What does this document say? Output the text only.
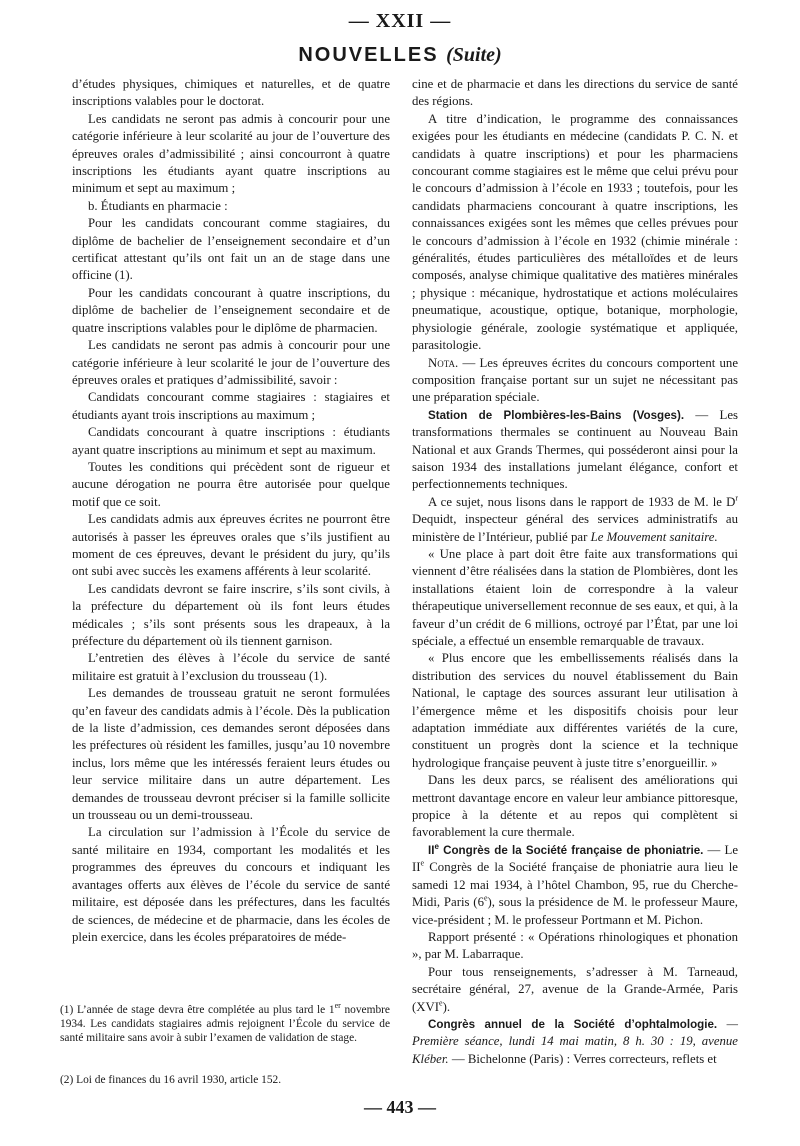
— XXII —
NOUVELLES (Suite)

d’études physiques, chimiques et naturelles, et de quatre inscriptions valables pour le doctorat.

Les candidats ne seront pas admis à concourir pour une catégorie inférieure à leur scolarité au jour de l’ouverture des épreuves orales d’admissibilité ; ainsi concourront à quatre inscriptions les étudiants ayant quatre inscriptions au minimum et sept au maximum ;

b. Étudiants en pharmacie :

Pour les candidats concourant comme stagiaires, du diplôme de bachelier de l’enseignement secondaire et d’un certificat attestant qu’ils ont fait un an de stage dans une officine (1).

Pour les candidats concourant à quatre inscriptions, du diplôme de bachelier de l’enseignement secondaire et de quatre inscriptions valables pour le diplôme de pharmacien.

Les candidats ne seront pas admis à concourir pour une catégorie inférieure à leur scolarité le jour de l’ouverture des épreuves orales et pratiques d’admissibilité, savoir :

Candidats concourant comme stagiaires : stagiaires et étudiants ayant trois inscriptions au maximum ;

Candidats concourant à quatre inscriptions : étudiants ayant quatre inscriptions au minimum et sept au maximum.

Toutes les conditions qui précèdent sont de rigueur et aucune dérogation ne pourra être autorisée pour quelque motif que ce soit.

Les candidats admis aux épreuves écrites ne pourront être autorisés à passer les épreuves orales que s’ils justifient au moment de ces épreuves, devant le président du jury, qu’ils ont subi avec succès les examens afférents à leur scolarité.

Les candidats devront se faire inscrire, s’ils sont civils, à la préfecture du département où ils font leurs études médicales ; s’ils sont présents sous les drapeaux, à la préfecture du département où ils tiennent garnison.

L’entretien des élèves à l’école du service de santé militaire est gratuit à l’exclusion du trousseau (1).

Les demandes de trousseau gratuit ne seront formulées qu’en faveur des candidats admis à l’école. Dès la publication de la liste d’admission, ces demandes seront déposées dans les préfectures où résident les familles, jusqu’au 10 novembre inclus, lors même que les intéressés feraient leurs études ou leur service militaire dans un autre département. Les demandes de trousseau devront préciser si la famille sollicite un trousseau ou un demi-trousseau.

La circulation sur l’admission à l’École du service de santé militaire en 1934, comportant les modalités et les programmes des épreuves du concours et indiquant les avantages offerts aux élèves de l’école du service de santé militaire, est déposée dans les préfectures, dans les facultés de sciences, de médecine et de pharmacie, dans les écoles de plein exercice, dans les écoles préparatoires de méde-

(1) L’année de stage devra être complétée au plus tard le 1er novembre 1934. Les candidats stagiaires admis rejoignent l’École du service de santé militaire sans avoir à subir l’examen de validation de stage.

(2) Loi de finances du 16 avril 1930, article 152.

cine et de pharmacie et dans les directions du service de santé des régions.

A titre d’indication, le programme des connaissances exigées pour les étudiants en médecine (candidats P. C. N. et candidats à quatre inscriptions) et pour les pharmaciens concourant comme stagiaires est le même que celui prévu pour le concours d’admission à l’école en 1933 ; toutefois, pour les candidats pharmaciens concourant à quatre inscriptions, les connaissances exigées sont les mêmes que celles prévues pour le concours d’admission à l’école en 1932 (chimie minérale : généralités, études particulières des métalloïdes et de leurs composés, analyse chimique qualitative des matières minérales ; physique : mécanique, hydrostatique et actions moléculaires pneumatique, acoustique, optique, botanique, morphologie, physiologie générale, zoologie systématique et appliquée, parasitologie.

Nota. — Les épreuves écrites du concours comportent une composition française portant sur un sujet ne nécessitant pas une préparation spéciale.

Station de Plombières-les-Bains (Vosges). — Les transformations thermales se continuent au Nouveau Bain National et aux Grands Thermes, qui posséderont ainsi pour la saison 1934 des installations jumelant élégance, confort et perfectionnements techniques.

A ce sujet, nous lisons dans le rapport de 1933 de M. le $D^r$ Dequidt, inspecteur général des services administratifs au ministère de l’Intérieur, publié par Le Mouvement sanitaire.

« Une place à part doit être faite aux transformations qui viennent d’être réalisées dans la station de Plombières, dont les installations étaient loin de correspondre à la valeur thérapeutique universellement reconnue de ses eaux, et qui, à la faveur d’un crédit de 6 millions, octroyé par l’État, par une loi spéciale, a effectué un ensemble remarquable de travaux.

« Plus encore que les embellissements réalisés dans la distribution des services du nouvel établissement du Bain National, le captage des sources assurant leur utilisation à l’émergence même et les dispositifs choisis pour leur adaptation immédiate aux différentes variétés de la cure, constituent un progrès dont la science et la technique hydrologique française peuvent à juste titre s’enorgueillir. »

Dans les deux parcs, se réalisent des améliorations qui mettront davantage encore en valeur leur ambiance pittoresque, propice à la détente et au repos qui complètent si favorablement la cure thermale.

IIe Congrès de la Société française de phoniatrie. — Le IIe Congrès de la Société française de phoniatrie aura lieu le samedi 12 mai 1934, à l’hôtel Chambon, 95, rue du Cherche-Midi, Paris (6e), sous la présidence de M. le professeur Maure, vice-président ; M. le professeur Portmann et M. Pichon.

Rapport présenté : « Opérations rhinologiques et phonation », par M. Labarraque.

Pour tous renseignements, s’adresser à M. Tarneaud, secrétaire général, 27, avenue de la Grande-Armée, Paris (XVIe).

Congrès annuel de la Société d’ophtalmologie. — Première séance, lundi 14 mai matin, 8 h. 30 : 19, avenue Kléber. — Bichelonne (Paris) : Verres correcteurs, reflets et

— 443 —
